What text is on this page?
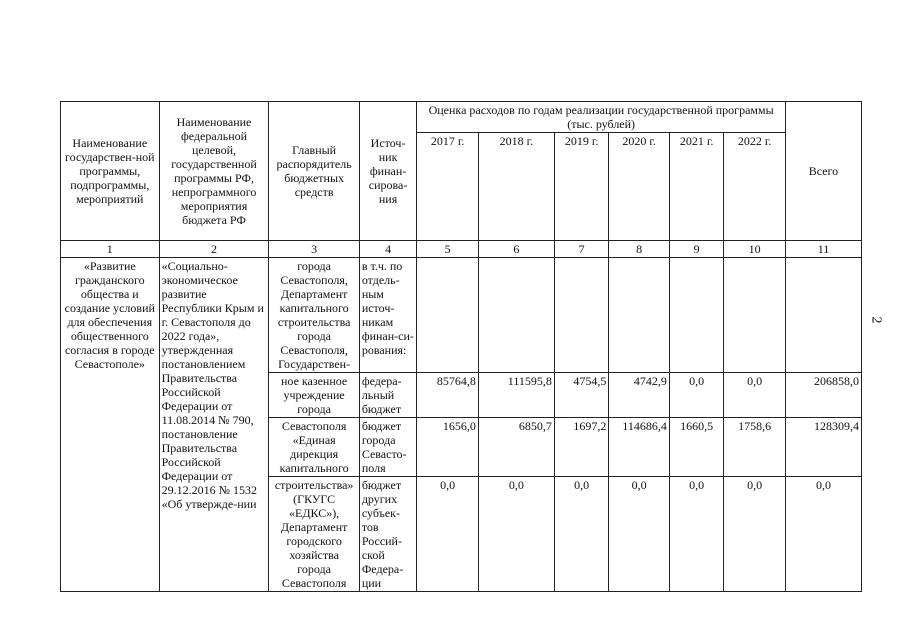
2
Наименование государствен-ной программы, подпрограммы, мероприятий	Наименование федеральной целевой, государственной программы РФ, непрограммного мероприятия бюджета РФ	Главный распорядитель бюджетных средств	Источ-ник финан-сирова-ния	Оценка расходов по годам реализации государственной программы (тыс. рублей)						Всего
				2017 г.	2018 г.	2019 г.	2020 г.	2021 г.	2022 г.	
1	2	3	4	5	6	7	8	9	10	11
«Развитие гражданского общества и создание условий для обеспечения общественного согласия в городе Севастополе»	«Социально-экономическое развитие Республики Крым и г. Севастополя до 2022 года», утвержденная постановлением Правительства Российской Федерации от 11.08.2014 № 790, постановление Правительства Российской Федерации от 29.12.2016 № 1532 «Об утвержде-нии	города Севастополя, Департамент капитального строительства города Севастополя, Государствен-	в т.ч. по отдель-ным источ-никам финан-си-рования:							
		ное казенное учреждение города	федера-льный бюджет	85764,8	111595,8	4754,5	4742,9	0,0	0,0	206858,0
		Севастополя «Единая дирекция капитального	бюджет города Севасто-поля	1656,0	6850,7	1697,2	114686,4	1660,5	1758,6	128309,4
		строительства» (ГКУГС «ЕДКС»), Департамент городского хозяйства города Севастополя	бюджет других субъек-тов Россий-ской Федера-ции	0,0	0,0	0,0	0,0	0,0	0,0	0,0
